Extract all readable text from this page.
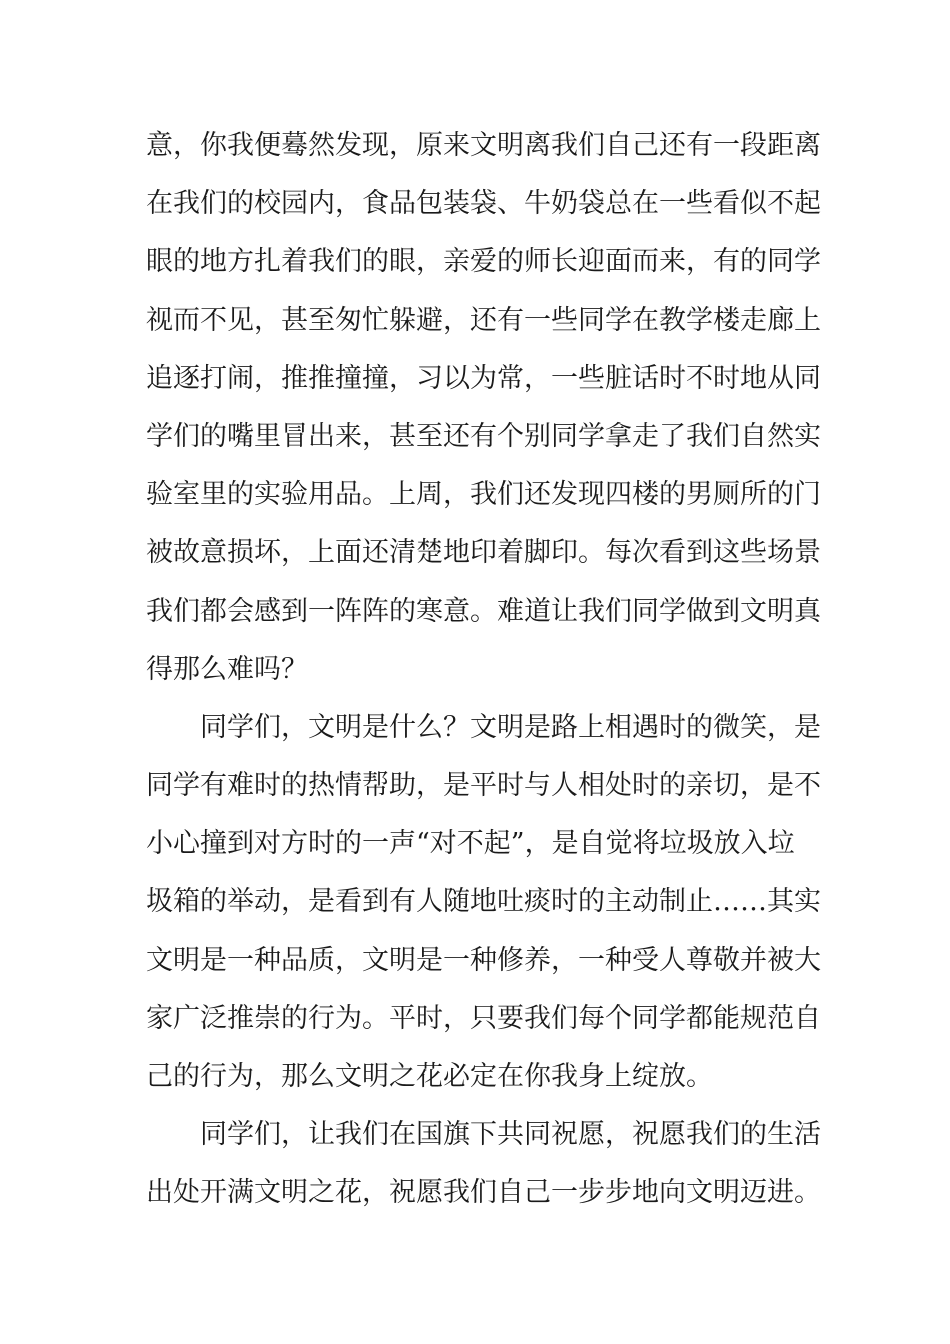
意，你我便蓦然发现，原来文明离我们自己还有一段距离
在我们的校园内，食品包装袋、牛奶袋总在一些看似不起
眼的地方扎着我们的眼，亲爱的师长迎面而来，有的同学
视而不见，甚至匆忙躲避，还有一些同学在教学楼走廊上
追逐打闹，推推撞撞，习以为常，一些脏话时不时地从同
学们的嘴里冒出来，甚至还有个别同学拿走了我们自然实
验室里的实验用品。上周，我们还发现四楼的男厕所的门
被故意损坏，上面还清楚地印着脚印。每次看到这些场景
我们都会感到一阵阵的寒意。难道让我们同学做到文明真
得那么难吗？
同学们，文明是什么？文明是路上相遇时的微笑，是
同学有难时的热情帮助，是平时与人相处时的亲切，是不
小心撞到对方时的一声“对不起”，是自觉将垃圾放入垃
圾箱的举动，是看到有人随地吐痰时的主动制止……其实
文明是一种品质，文明是一种修养，一种受人尊敬并被大
家广泛推崇的行为。平时，只要我们每个同学都能规范自
己的行为，那么文明之花必定在你我身上绽放。
同学们，让我们在国旗下共同祝愿，祝愿我们的生活
出处开满文明之花，祝愿我们自己一步步地向文明迈进。
